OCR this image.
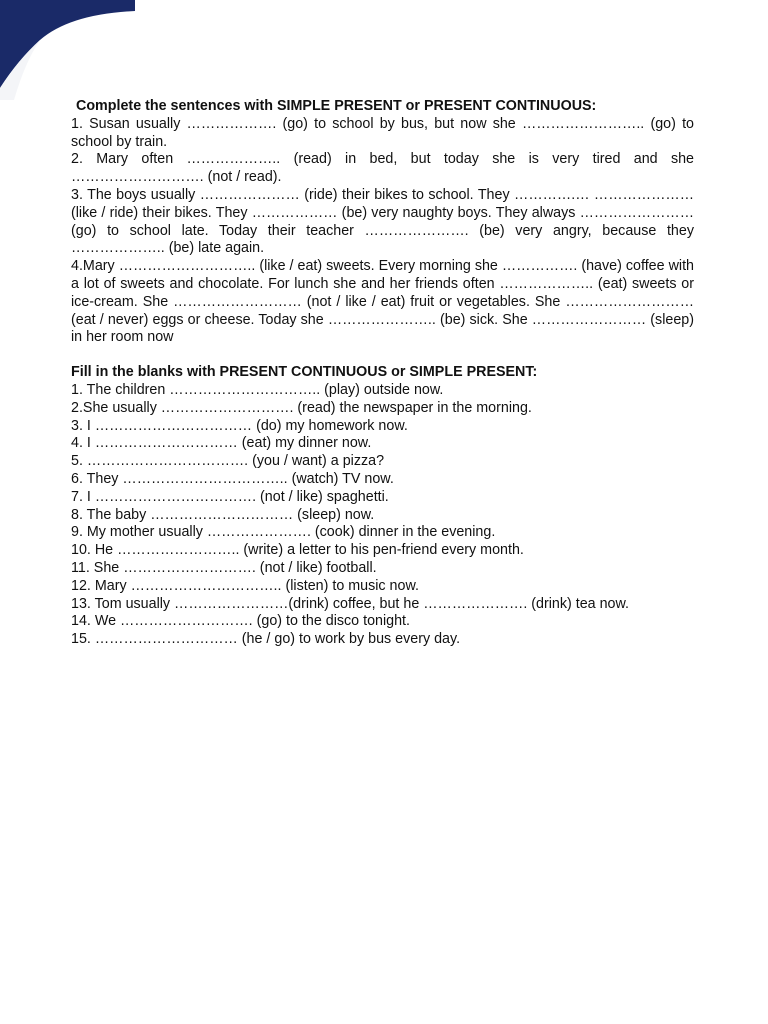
Complete the sentences with SIMPLE PRESENT or PRESENT CONTINUOUS:

1. Susan usually ………………. (go) to school by bus, but now she …………………….. (go) to school by train.

2. Mary often ……………….. (read) in bed, but today she is very tired and she ………………………. (not / read).

3. The boys usually ………………… (ride) their bikes to school. They ………….… ………………… (like / ride) their bikes. They ……………… (be) very naughty boys. They always …………………… (go) to school late. Today their teacher …………………. (be) very angry, because they ……………….. (be) late again.

4.Mary ……………………….. (like / eat) sweets. Every morning she ……………. (have) coffee with a lot of sweets and chocolate. For lunch she and her friends often ……………….. (eat) sweets or ice-cream. She ……………………… (not / like / eat) fruit or vegetables. She ……………………… (eat / never) eggs or cheese. Today she ………………….. (be) sick. She …………………… (sleep) in her room now

Fill in the blanks with PRESENT CONTINUOUS or SIMPLE PRESENT:

1. The children ………………………….. (play) outside now.

2.She usually ………………………. (read) the newspaper in the morning.

3. I …………………………… (do) my homework now.

4. I ………………………… (eat) my dinner now.

5. ……………………………. (you / want) a pizza?

6. They …………………………….. (watch) TV now.

7. I ……………………………. (not / like) spaghetti.

8. The baby ………………………… (sleep) now.

9. My mother usually …………………. (cook) dinner in the evening.

10. He …………………….. (write) a letter to his pen-friend every month.

11. She ………………………. (not / like) football.

12. Mary ………………………….. (listen) to music now.

13. Tom usually ……………………(drink) coffee, but he …………………. (drink) tea now.

14. We ………………………. (go) to the disco tonight.

15. ………………………… (he / go) to work by bus every day.
